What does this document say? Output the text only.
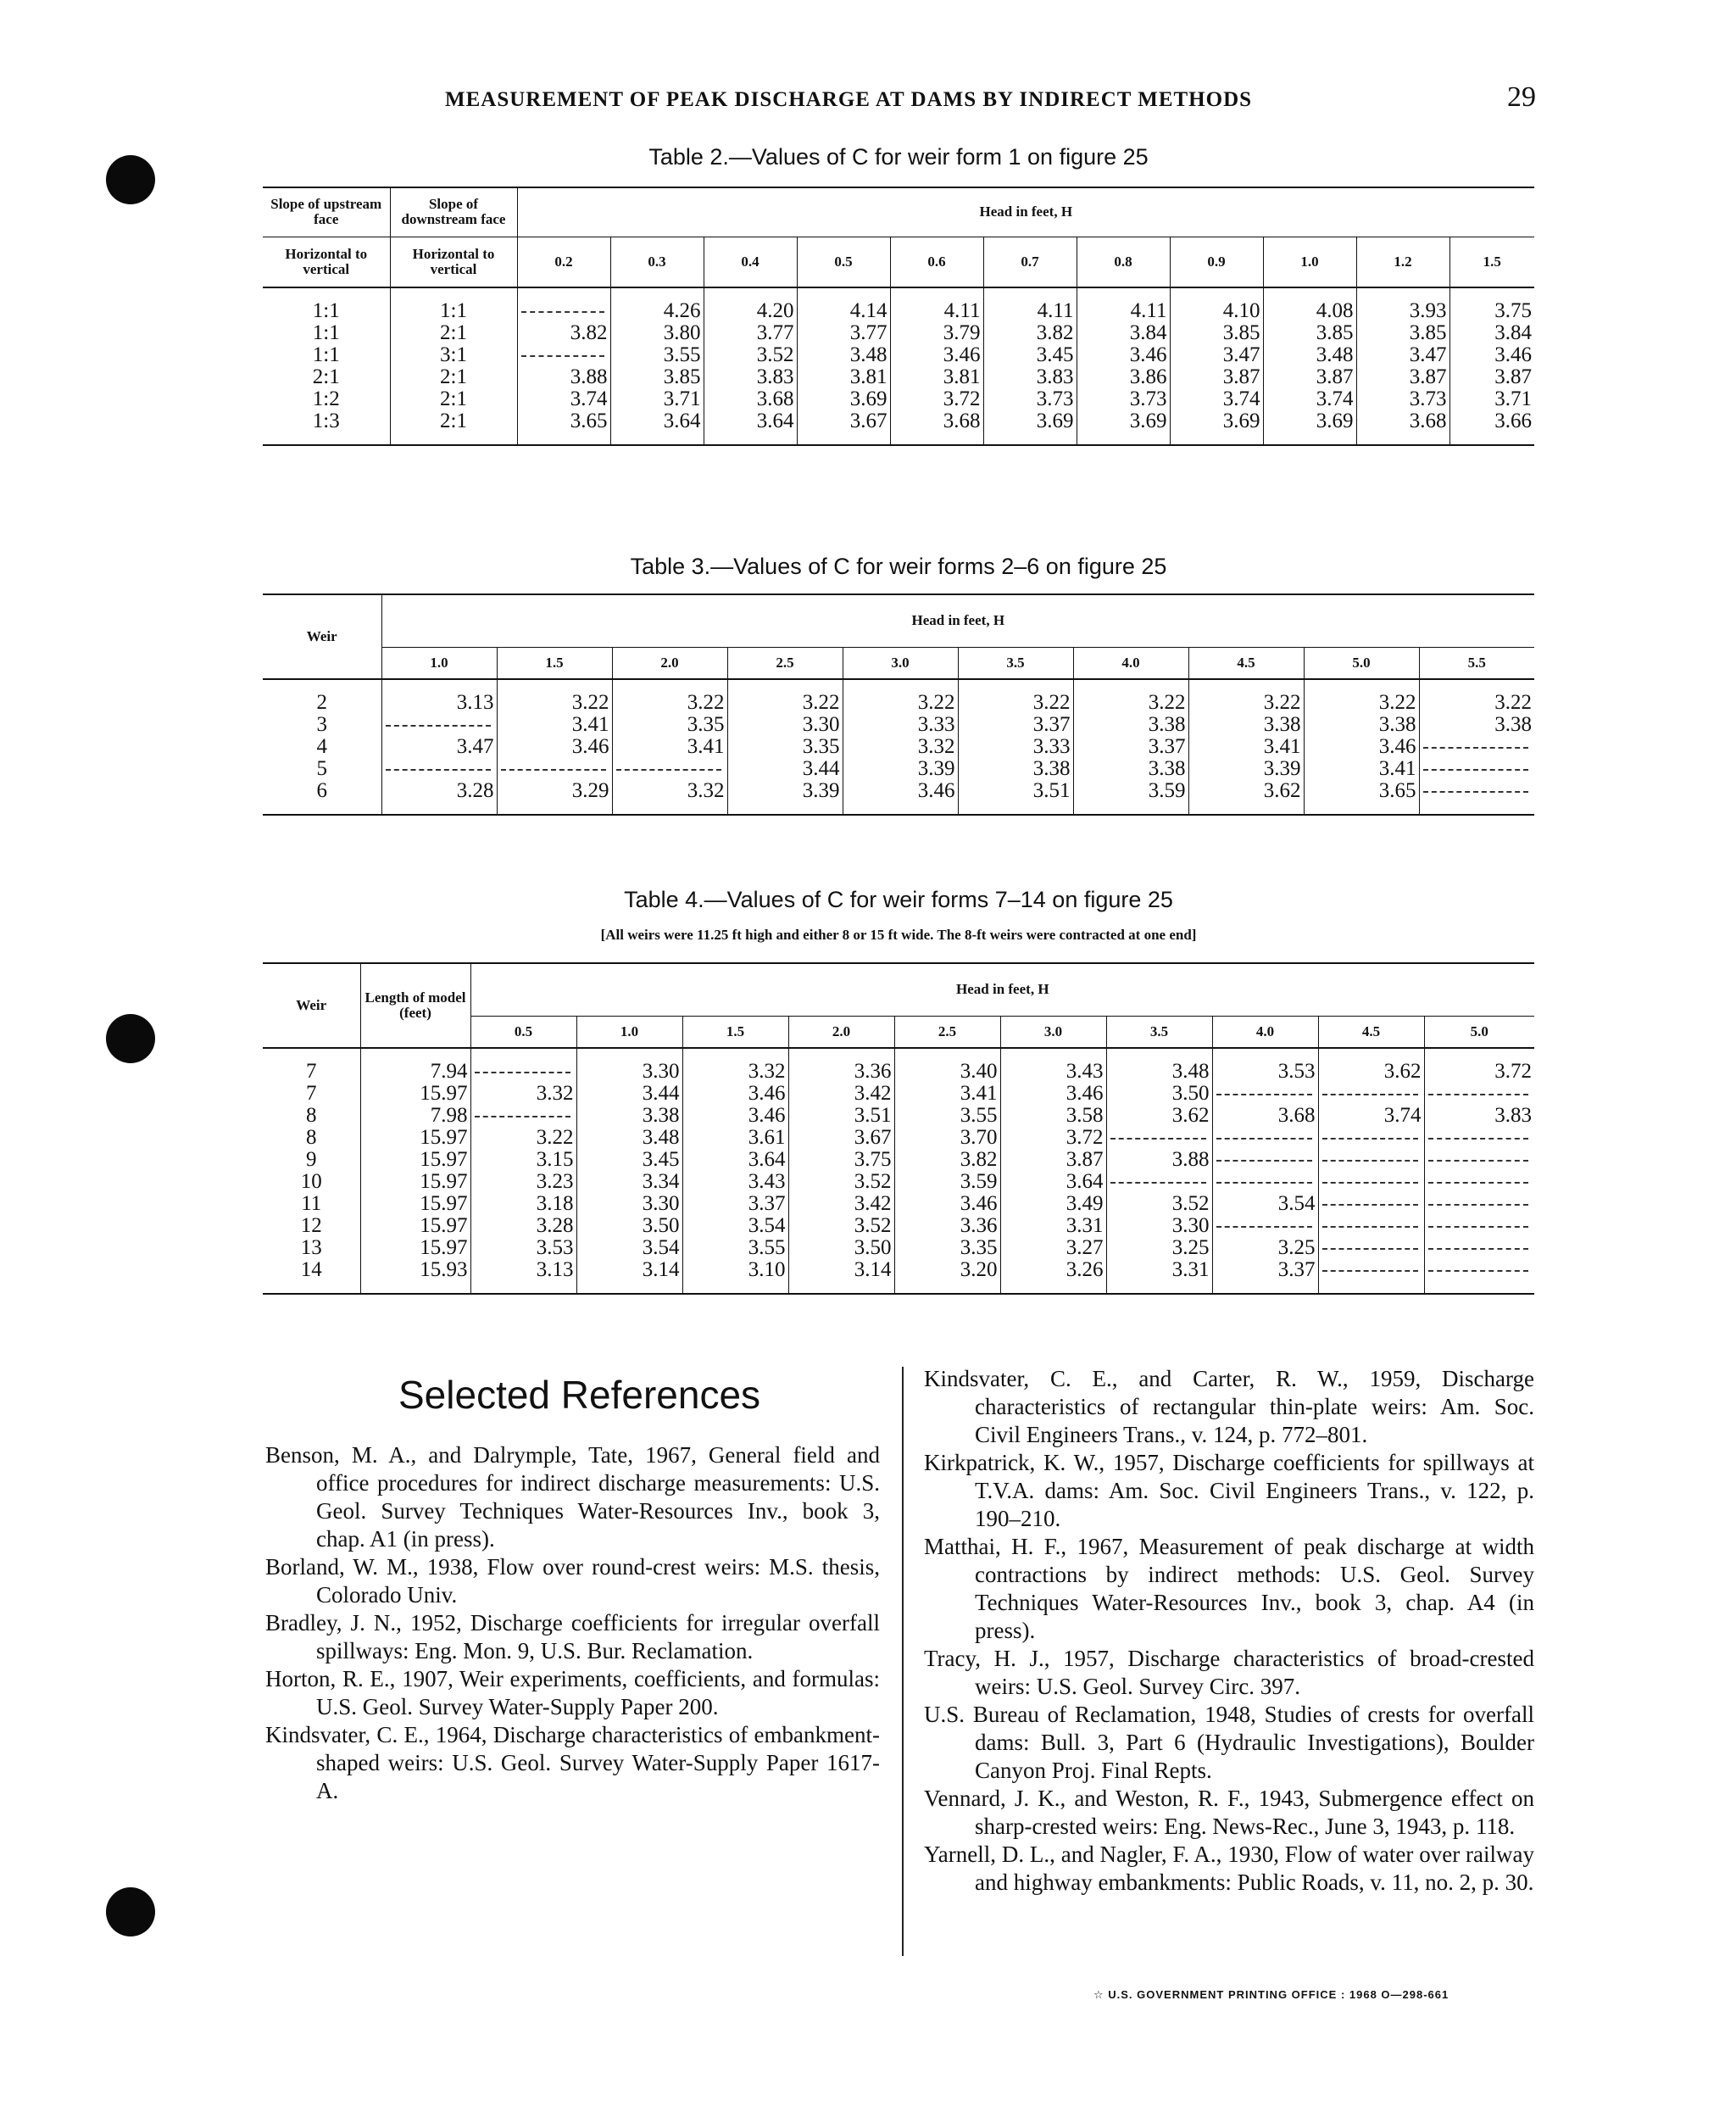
MEASUREMENT OF PEAK DISCHARGE AT DAMS BY INDIRECT METHODS	29
Table 2.—Values of C for weir form 1 on figure 25
Slope of upstream face	Slope of downstream face	Head in feet, H										
Horizontal to vertical	Horizontal to vertical	0.2	0.3	0.4	0.5	0.6	0.7	0.8	0.9	1.0	1.2	1.5
1:1	1:1		4.26	4.20	4.14	4.11	4.11	4.11	4.10	4.08	3.93	3.75
1:1	2:1	3.82	3.80	3.77	3.77	3.79	3.82	3.84	3.85	3.85	3.85	3.84
1:1	3:1		3.55	3.52	3.48	3.46	3.45	3.46	3.47	3.48	3.47	3.46
2:1	2:1	3.88	3.85	3.83	3.81	3.81	3.83	3.86	3.87	3.87	3.87	3.87
1:2	2:1	3.74	3.71	3.68	3.69	3.72	3.73	3.73	3.74	3.74	3.73	3.71
1:3	2:1	3.65	3.64	3.64	3.67	3.68	3.69	3.69	3.69	3.69	3.68	3.66
Table 3.—Values of C for weir forms 2–6 on figure 25
Weir	Head in feet, H									
	1.0	1.5	2.0	2.5	3.0	3.5	4.0	4.5	5.0	5.5
2	3.13	3.22	3.22	3.22	3.22	3.22	3.22	3.22	3.22	3.22
3		3.41	3.35	3.30	3.33	3.37	3.38	3.38	3.38	3.38
4	3.47	3.46	3.41	3.35	3.32	3.33	3.37	3.41	3.46	
5				3.44	3.39	3.38	3.38	3.39	3.41	
6	3.28	3.29	3.32	3.39	3.46	3.51	3.59	3.62	3.65	
Table 4.—Values of C for weir forms 7–14 on figure 25
[All weirs were 11.25 ft high and either 8 or 15 ft wide. The 8-ft weirs were contracted at one end]
Weir	Length of model (feet)	Head in feet, H									
		0.5	1.0	1.5	2.0	2.5	3.0	3.5	4.0	4.5	5.0
7	7.94		3.30	3.32	3.36	3.40	3.43	3.48	3.53	3.62	3.72
7	15.97	3.32	3.44	3.46	3.42	3.41	3.46	3.50			
8	7.98		3.38	3.46	3.51	3.55	3.58	3.62	3.68	3.74	3.83
8	15.97	3.22	3.48	3.61	3.67	3.70	3.72				
9	15.97	3.15	3.45	3.64	3.75	3.82	3.87	3.88			
10	15.97	3.23	3.34	3.43	3.52	3.59	3.64				
11	15.97	3.18	3.30	3.37	3.42	3.46	3.49	3.52	3.54		
12	15.97	3.28	3.50	3.54	3.52	3.36	3.31	3.30			
13	15.97	3.53	3.54	3.55	3.50	3.35	3.27	3.25	3.25		
14	15.93	3.13	3.14	3.10	3.14	3.20	3.26	3.31	3.37		
Selected References

Benson, M. A., and Dalrymple, Tate, 1967, General field and office procedures for indirect discharge measurements: U.S. Geol. Survey Techniques Water-Resources Inv., book 3, chap. A1 (in press).

Borland, W. M., 1938, Flow over round-crest weirs: M.S. thesis, Colorado Univ.

Bradley, J. N., 1952, Discharge coefficients for irregular overfall spillways: Eng. Mon. 9, U.S. Bur. Reclamation.

Horton, R. E., 1907, Weir experiments, coefficients, and formulas: U.S. Geol. Survey Water-Supply Paper 200.

Kindsvater, C. E., 1964, Discharge characteristics of embankment-shaped weirs: U.S. Geol. Survey Water-Supply Paper 1617-A.

Kindsvater, C. E., and Carter, R. W., 1959, Discharge characteristics of rectangular thin-plate weirs: Am. Soc. Civil Engineers Trans., v. 124, p. 772–801.

Kirkpatrick, K. W., 1957, Discharge coefficients for spillways at T.V.A. dams: Am. Soc. Civil Engineers Trans., v. 122, p. 190–210.

Matthai, H. F., 1967, Measurement of peak discharge at width contractions by indirect methods: U.S. Geol. Survey Techniques Water-Resources Inv., book 3, chap. A4 (in press).

Tracy, H. J., 1957, Discharge characteristics of broad-crested weirs: U.S. Geol. Survey Circ. 397.

U.S. Bureau of Reclamation, 1948, Studies of crests for overfall dams: Bull. 3, Part 6 (Hydraulic Investigations), Boulder Canyon Proj. Final Repts.

Vennard, J. K., and Weston, R. F., 1943, Submergence effect on sharp-crested weirs: Eng. News-Rec., June 3, 1943, p. 118.

Yarnell, D. L., and Nagler, F. A., 1930, Flow of water over railway and highway embankments: Public Roads, v. 11, no. 2, p. 30.

☆ U.S. GOVERNMENT PRINTING OFFICE : 1968 O—298-661
